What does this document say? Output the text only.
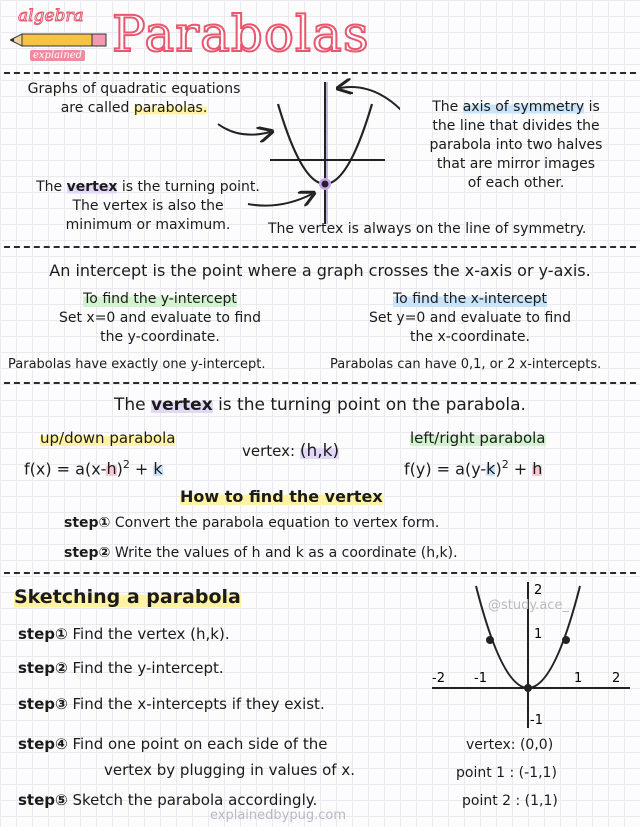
algebra
explained Parabolas
Graphs of quadratic equations
are called parabolas.	The axis of symmetry is
the line that divides the
parabola into two halves
that are mirror images
of each other.
The vertex is the turning point.
The vertex is also the
minimum or maximum.	The vertex is always on the line of symmetry.
An intercept is the point where a graph crosses the x-axis or y-axis.
To find the y-intercept
Set x=0 and evaluate to find
the y-coordinate.
Parabolas have exactly one y-intercept.
To find the x-intercept
Set y=0 and evaluate to find
the x-coordinate.
Parabolas can have 0,1, or 2 x-intercepts.
The vertex is the turning point on the parabola.
up/down parabola
$f(x) = a(x-h)^2 + k$
vertex: (h,k)
left/right parabola
$f(y) = a(y-k)^2 + h$
How to find the vertex
step① Convert the parabola equation to vertex form.
step② Write the values of h and k as a coordinate (h,k).
Sketching a parabola
step① Find the vertex (h,k).
step② Find the y-intercept.
step③ Find the x-intercepts if they exist.
step④ Find one point on each side of the
vertex by plugging in values of x.
step⑤ Sketch the parabola accordingly.
-2 -1	1 2
2
1
-1
@study.ace_
vertex: (0,0)
point 1 : (-1,1)
point 2 : (1,1)
explainedbypug.com
